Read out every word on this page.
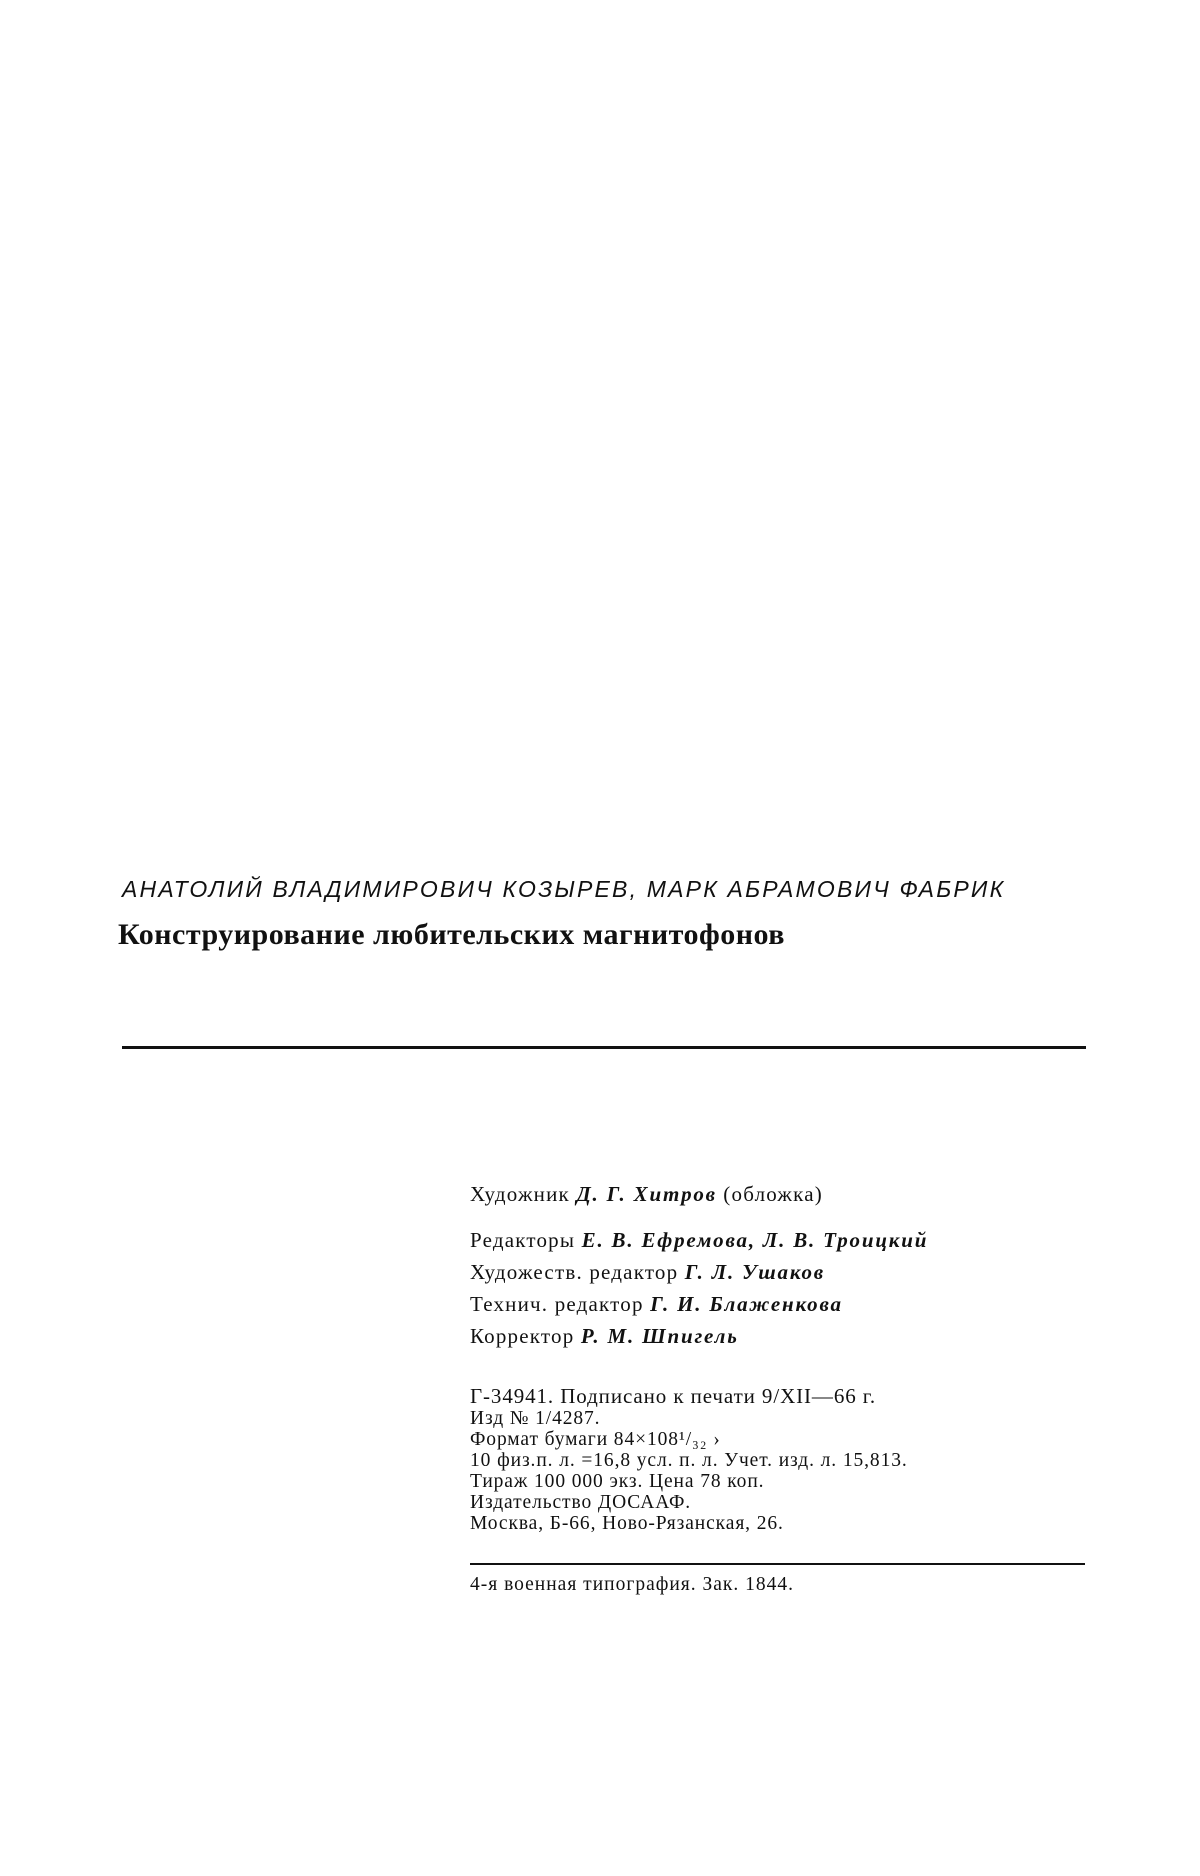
АНАТОЛИЙ ВЛАДИМИРОВИЧ КОЗЫРЕВ, МАРК АБРАМОВИЧ ФАБРИК
Конструирование любительских магнитофонов
Художник Д. Г. Хитров (обложка)
Редакторы Е. В. Ефремова, Л. В. Троицкий
Художеств. редактор Г. Л. Ушаков
Технич. редактор Г. И. Блаженкова
Корректор Р. М. Шпигель
Г-34941. Подписано к печати 9/XII—66 г.
Изд № 1/4287.
Формат бумаги 84×108¹/₃₂ ›
10 физ.п. л. =16,8 усл. п. л. Учет. изд. л. 15,813.
Тираж 100 000 экз. Цена 78 коп.
Издательство ДОСААФ.
Москва, Б-66, Ново-Рязанская, 26.
4-я военная типография. Зак. 1844.
